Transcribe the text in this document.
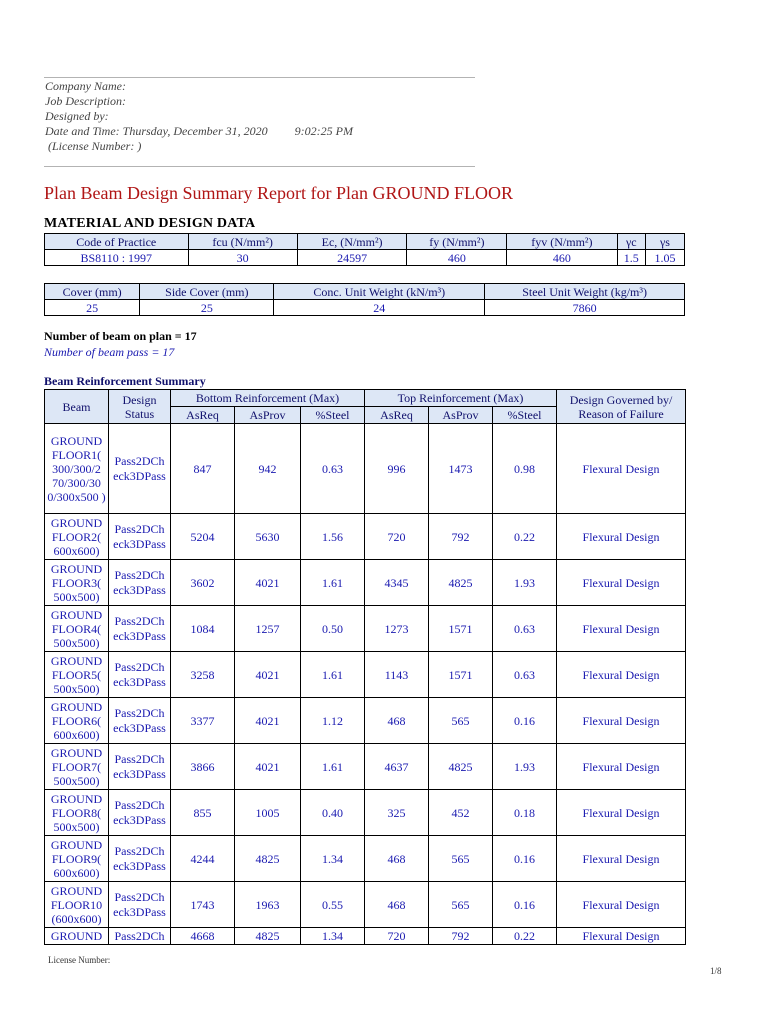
Company Name:
Job Description:
Designed by:
Date and Time: Thursday, December 31, 2020         9:02:25 PM
(License Number: )
Plan Beam Design Summary Report for Plan GROUND FLOOR
MATERIAL AND DESIGN DATA
Code of Practice	fcu (N/mm²)	Ec, (N/mm²)	fy (N/mm²)	fyv (N/mm²)	γc	γs
BS8110 : 1997	30	24597	460	460	1.5	1.05
Cover (mm)	Side Cover (mm)	Conc. Unit Weight (kN/m³)	Steel Unit Weight (kg/m³)
25	25	24	7860
Number of beam on plan = 17
Number of beam pass = 17
Beam Reinforcement Summary
Beam	Design Status	Bottom Reinforcement (Max)			Top Reinforcement (Max)			Design Governed by/ Reason of Failure
		AsReq	AsProv	%Steel	AsReq	AsProv	%Steel	
GROUND FLOOR1( 300/300/2 70/300/30 0/300x500 )	Pass2DCh eck3DPass	847	942	0.63	996	1473	0.98	Flexural Design
GROUND FLOOR2( 600x600)	Pass2DCh eck3DPass	5204	5630	1.56	720	792	0.22	Flexural Design
GROUND FLOOR3( 500x500)	Pass2DCh eck3DPass	3602	4021	1.61	4345	4825	1.93	Flexural Design
GROUND FLOOR4( 500x500)	Pass2DCh eck3DPass	1084	1257	0.50	1273	1571	0.63	Flexural Design
GROUND FLOOR5( 500x500)	Pass2DCh eck3DPass	3258	4021	1.61	1143	1571	0.63	Flexural Design
GROUND FLOOR6( 600x600)	Pass2DCh eck3DPass	3377	4021	1.12	468	565	0.16	Flexural Design
GROUND FLOOR7( 500x500)	Pass2DCh eck3DPass	3866	4021	1.61	4637	4825	1.93	Flexural Design
GROUND FLOOR8( 500x500)	Pass2DCh eck3DPass	855	1005	0.40	325	452	0.18	Flexural Design
GROUND FLOOR9( 600x600)	Pass2DCh eck3DPass	4244	4825	1.34	468	565	0.16	Flexural Design
GROUND FLOOR10 (600x600)	Pass2DCh eck3DPass	1743	1963	0.55	468	565	0.16	Flexural Design
GROUND	Pass2DCh	4668	4825	1.34	720	792	0.22	Flexural Design
License Number:
1/8
